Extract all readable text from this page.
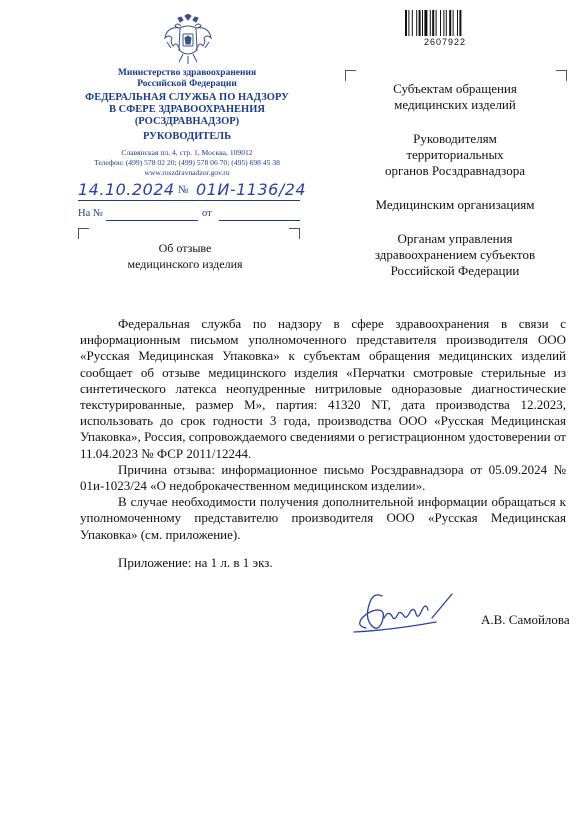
2607922
Министерство здравоохранения
Российской Федерации
ФЕДЕРАЛЬНАЯ СЛУЖБА ПО НАДЗОРУ
В СФЕРЕ ЗДРАВООХРАНЕНИЯ
(РОСЗДРАВНАДЗОР)
РУКОВОДИТЕЛЬ
Славянская пл. 4, стр. 1, Москва, 109012
Телефон: (499) 578 02 20; (499) 578 06 70; (495) 698 45 38
www.roszdravnadzor.gov.ru
14.10.2024 № 01И-1136/24
На №	от
Об отзыве
медицинского изделия

Субъектам обращения
медицинских изделий

Руководителям
территориальных
органов Росздравнадзора

Медицинским организациям

Органам управления
здравоохранением субъектов
Российской Федерации

Федеральная служба по надзору в сфере здравоохранения в связи с информационным письмом уполномоченного представителя производителя ООО «Русская Медицинская Упаковка» к субъектам обращения медицинских изделий сообщает об отзыве медицинского изделия «Перчатки смотровые стерильные из синтетического латекса неопудренные нитриловые одноразовые диагностические текстурированные, размер М», партия: 41320 NT, дата производства 12.2023, использовать до срок годности 3 года, производства ООО «Русская Медицинская Упаковка», Россия, сопровождаемого сведениями о регистрационном удостоверении от 11.04.2023 № ФСР 2011/12244.

Причина отзыва: информационное письмо Росздравнадзора от 05.09.2024 № 01и-1023/24 «О недоброкачественном медицинском изделии».

В случае необходимости получения дополнительной информации обращаться к уполномоченному представителю производителя ООО «Русская Медицинская Упаковка» (см. приложение).

Приложение: на 1 л. в 1 экз.
А.В. Самойлова
